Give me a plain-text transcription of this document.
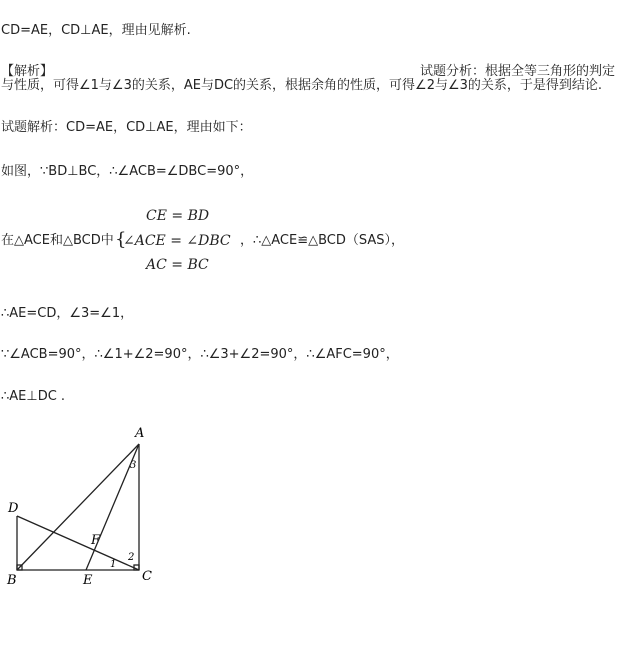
CD=AE，CD⊥AE，理由见解析.
【解析】	试题分析：根据全等三角形的判定
与性质，可得∠1与∠3的关系，AE与DC的关系，根据余角的性质，可得∠2与∠3的关系，于是得到结论.
试题解析：CD=AE，CD⊥AE，理由如下：
如图，∵BD⊥BC，∴∠ACB=∠DBC=90°，
CE = BD
在△ACE和△BCD中 {
∠ACE = ∠DBC ，∴△ACE≌△BCD（SAS），
AC = BC
∴AE=CD，∠3=∠1，
∵∠ACB=90°，∴∠1+∠2=90°，∴∠3+∠2=90°，∴∠AFC=90°，
∴AE⊥DC .
A
B	C
D
E
F
1
2
3
